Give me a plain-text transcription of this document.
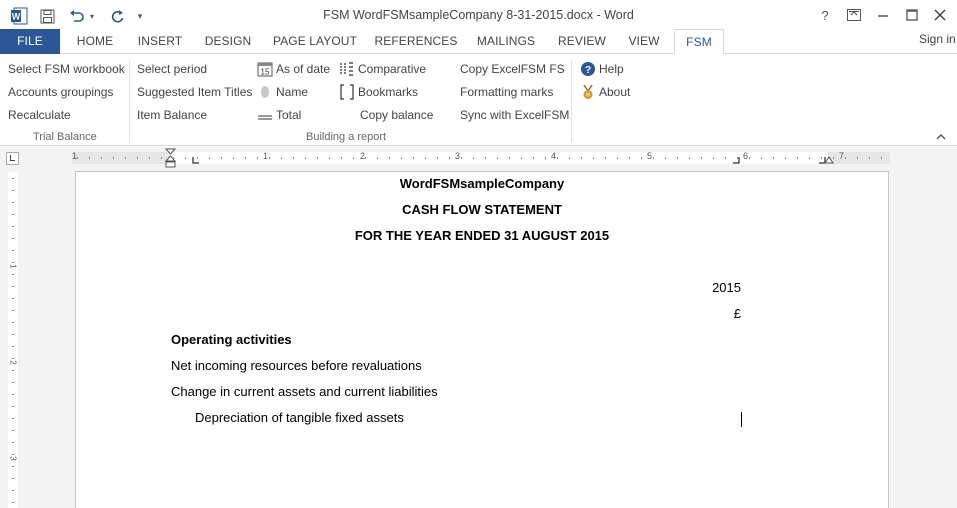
W	▾	▾	FSM WordFSMsampleCompany 8-31-2015.docx - Word	?
FILE	HOME	INSERT	DESIGN	PAGE LAYOUT	REFERENCES	MAILINGS	REVIEW	VIEW	FSM	Sign in
Select FSM workbook
Accounts groupings
Recalculate
Trial Balance
Select period
Suggested Item Titles
Item Balance
15 As of date
Name
Total
Comparative
Bookmarks
Copy balance
Copy ExcelFSM FS
Formatting marks
Sync with ExcelFSM
Building a report
? Help
About
1	1	2	3	4	5	6	7
1
2
3
WordFSMsampleCompany
CASH FLOW STATEMENT
FOR THE YEAR ENDED 31 AUGUST 2015
2015
£
Operating activities
Net incoming resources before revaluations
Change in current assets and current liabilities
Depreciation of tangible fixed assets
